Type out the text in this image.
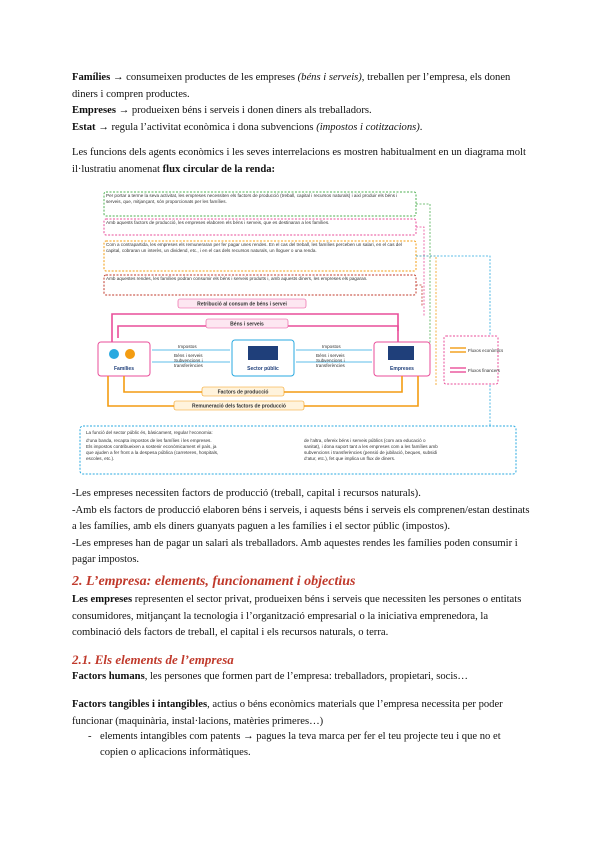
Famílies → consumeixen productes de les empreses (béns i serveis), treballen per l’empresa, els donen diners i compren productes.
Empreses → produeixen béns i serveis i donen diners als treballadors.
Estat → regula l’activitat econòmica i dona subvencions (impostos i cotitzacions).
Les funcions dels agents econòmics i les seves interrelacions es mostren habitualment en un diagrama molt il·lustratiu anomenat flux circular de la renda:
Per portar a terme la seva activitat, les empreses necessiten els factors de producció (treball, capital i recursos naturals) i així produir els béns i serveis, que, mitjançant, són proporcionats per les famílies.
Amb aquests factors de producció, les empreses elaboren els béns i serveis, que es destinaran a les famílies.
Com a contrapartida, les empreses els remuneraran per fer pagar unes rendes. En el cas del treball, les famílies perceben un salari, en el cas del capital, cobraran un interès, un dividend, etc., i en el cas dels recursos naturals, un lloguer o una renda.
Amb aquestes rendes, les famílies podran consumir els béns i serveis produïts i, amb aquests diners, les empreses els pagaran.
Retribució al consum de béns i servei
Béns i serveis
Famílies	Sector públic	Empreses
Impostos
Béns i serveis
Subvencions i
transferències
Impostos
Béns i serveis
Subvencions i
transferències
Factors de producció
Remuneració dels factors de producció
Fluxos econòmics
Fluxos financers
La funció del sector públic és, bàsicament, regular l’economia:
d’una banda, recapta impostos de les famílies i les empreses.
Els impostos contribueixen a sostenir econòmicament el país, ja
que ajuden a fer front a la despesa pública (carreteres, hospitals,
escoles, etc.).
de l’altra, ofereix béns i serveis públics (com ara educació o
sanitat), i dona suport tant a les empreses com a les famílies amb
subvencions i transferències (pensió de jubilació, beques, subsidi
d’atur, etc.), fet que implica un flux de diners.
-Les empreses necessiten factors de producció (treball, capital i recursos naturals).
-Amb els factors de producció elaboren béns i serveis, i aquests béns i serveis els comprenen/estan destinats a les famílies, amb els diners guanyats paguen a les famílies i el sector públic (impostos).
-Les empreses han de pagar un salari als treballadors. Amb aquestes rendes les famílies poden consumir i pagar impostos.
2. L’empresa: elements, funcionament i objectius
Les empreses representen el sector privat, produeixen béns i serveis que necessiten les persones o entitats consumidores, mitjançant la tecnologia i l’organització empresarial o la iniciativa emprenedora, la combinació dels factors de treball, el capital i els recursos naturals, o terra.
2.1. Els elements de l’empresa
Factors humans, les persones que formen part de l’empresa: treballadors, propietari, socis…
Factors tangibles i intangibles, actius o béns econòmics materials que l’empresa necessita per poder funcionar (maquinària, instal·lacions, matèries primeres…)
- elements intangibles com patents → pagues la teva marca per fer el teu projecte teu i que no et copien o aplicacions informàtiques.
